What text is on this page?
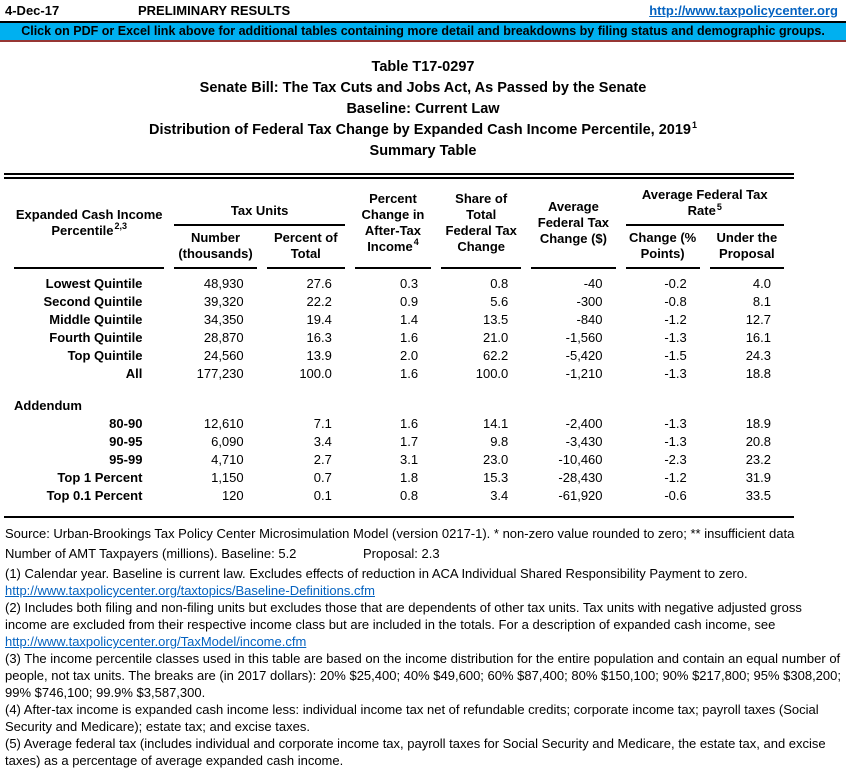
4-Dec-17	PRELIMINARY RESULTS	http://www.taxpolicycenter.org
Click on PDF or Excel link above for additional tables containing more detail and breakdowns by filing status and demographic groups.
Table T17-0297
Senate Bill: The Tax Cuts and Jobs Act, As Passed by the Senate
Baseline: Current Law
Distribution of Federal Tax Change by Expanded Cash Income Percentile, 2019$^1$
Summary Table
Expanded Cash Income
Percentile$^{2,3}$	Tax Units		Percent Change in After-Tax Income$^4$	Share of Total Federal Tax Change	Average Federal Tax Change ($)	Average Federal Tax Rate$^5$
	Number (thousands)	Percent of Total				Change (% Points)	Under the Proposal
Lowest Quintile	48,930	27.6	0.3	0.8	-40	-0.2	4.0
Second Quintile	39,320	22.2	0.9	5.6	-300	-0.8	8.1
Middle Quintile	34,350	19.4	1.4	13.5	-840	-1.2	12.7
Fourth Quintile	28,870	16.3	1.6	21.0	-1,560	-1.3	16.1
Top Quintile	24,560	13.9	2.0	62.2	-5,420	-1.5	24.3
All	177,230	100.0	1.6	100.0	-1,210	-1.3	18.8

Addendum							
80-90	12,610	7.1	1.6	14.1	-2,400	-1.3	18.9
90-95	6,090	3.4	1.7	9.8	-3,430	-1.3	20.8
95-99	4,710	2.7	3.1	23.0	-10,460	-2.3	23.2
Top 1 Percent	1,150	0.7	1.8	15.3	-28,430	-1.2	31.9
Top 0.1 Percent	120	0.1	0.8	3.4	-61,920	-0.6	33.5
Source: Urban-Brookings Tax Policy Center Microsimulation Model (version 0217-1). * non-zero value rounded to zero; ** insufficient data
Number of AMT Taxpayers (millions). Baseline: 5.2	Proposal: 2.3
(1) Calendar year. Baseline is current law. Excludes effects of reduction in ACA Individual Shared Responsibility Payment to zero.
http://www.taxpolicycenter.org/taxtopics/Baseline-Definitions.cfm
(2) Includes both filing and non-filing units but excludes those that are dependents of other tax units. Tax units with negative adjusted gross income are excluded from their respective income class but are included in the totals. For a description of expanded cash income, see
http://www.taxpolicycenter.org/TaxModel/income.cfm
(3) The income percentile classes used in this table are based on the income distribution for the entire population and contain an equal number of people, not tax units. The breaks are (in 2017 dollars): 20% $25,400; 40% $49,600; 60% $87,400; 80% $150,100; 90% $217,800; 95% $308,200; 99% $746,100; 99.9% $3,587,300.
(4) After-tax income is expanded cash income less: individual income tax net of refundable credits; corporate income tax; payroll taxes (Social Security and Medicare); estate tax; and excise taxes.
(5) Average federal tax (includes individual and corporate income tax, payroll taxes for Social Security and Medicare, the estate tax, and excise taxes) as a percentage of average expanded cash income.
